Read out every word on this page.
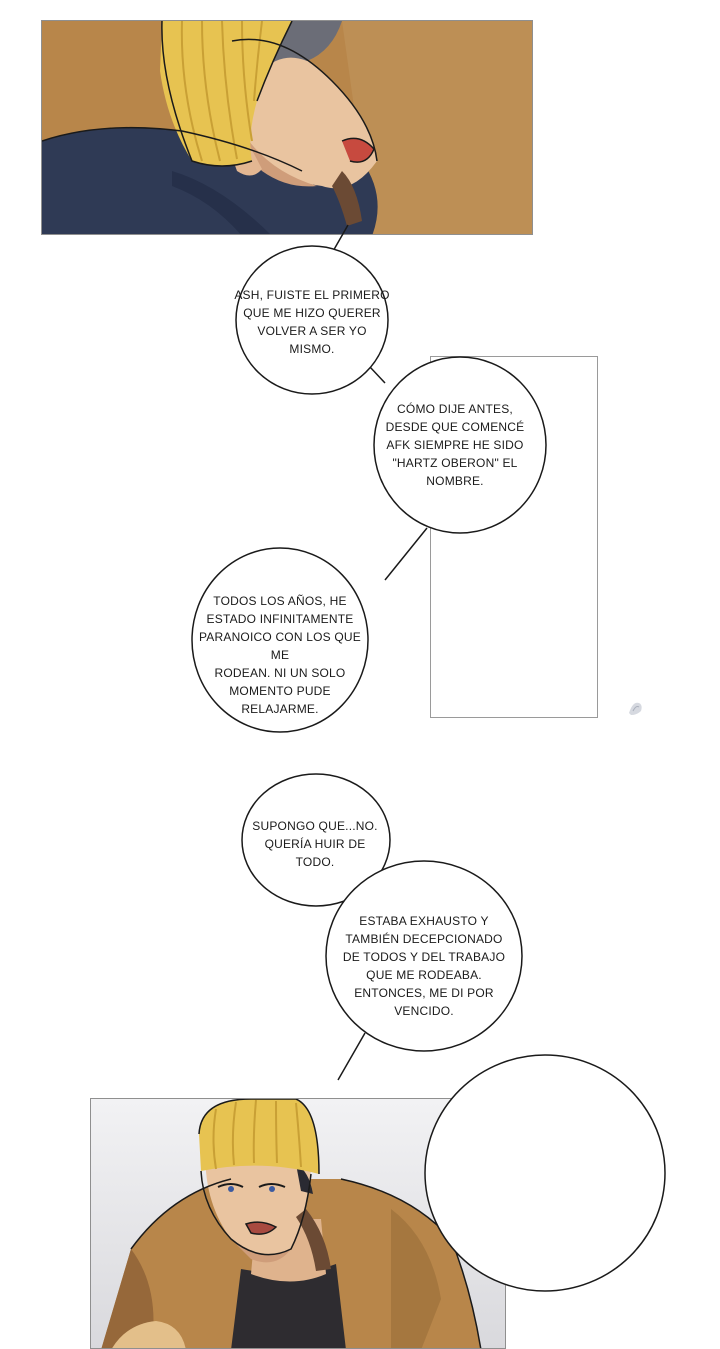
ASH, FUISTE EL PRIMERO
QUE ME HIZO QUERER
VOLVER A SER YO
MISMO.
CÓMO DIJE ANTES,
DESDE QUE COMENCÉ
AFK SIEMPRE HE SIDO
"HARTZ OBERON" EL
NOMBRE.
TODOS LOS AÑOS, HE
ESTADO INFINITAMENTE
PARANOICO CON LOS QUE ME
RODEAN. NI UN SOLO
MOMENTO PUDE RELAJARME.
SUPONGO QUE...NO.
QUERÍA HUIR DE
TODO.
ESTABA EXHAUSTO Y
TAMBIÉN DECEPCIONADO
DE TODOS Y DEL TRABAJO
QUE ME RODEABA.
ENTONCES, ME DI POR
VENCIDO.
